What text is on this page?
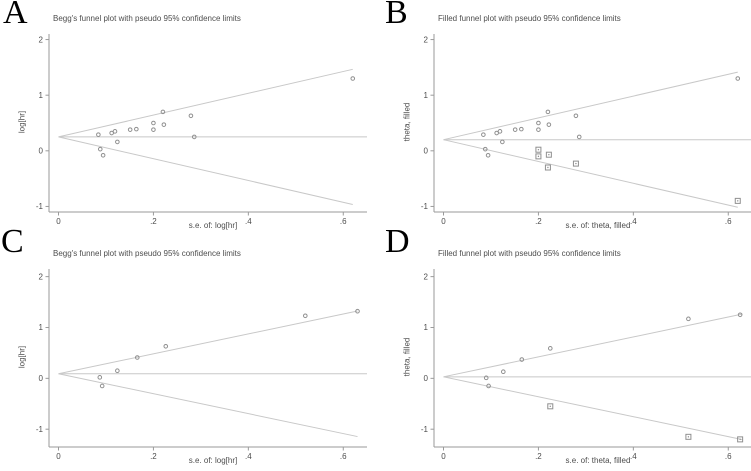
-1
0
1
2
0	.2	.4	.6
A	Begg's funnel plot with pseudo 95% confidence limits
log[hr]
s.e. of: log[hr]
-1
0
1
2
0	.2	.4	.6
B	Filled funnel plot with pseudo 95% confidence limits
theta, filled
s.e. of: theta, filled
-1
0
1
2
0	.2	.4	.6
C	Begg's funnel plot with pseudo 95% confidence limits
log[hr]
s.e. of: log[hr]
-1
0
1
2
0	.2	.4	.6
D	Filled funnel plot with pseudo 95% confidence limits
theta, filled
s.e. of: theta, filled
